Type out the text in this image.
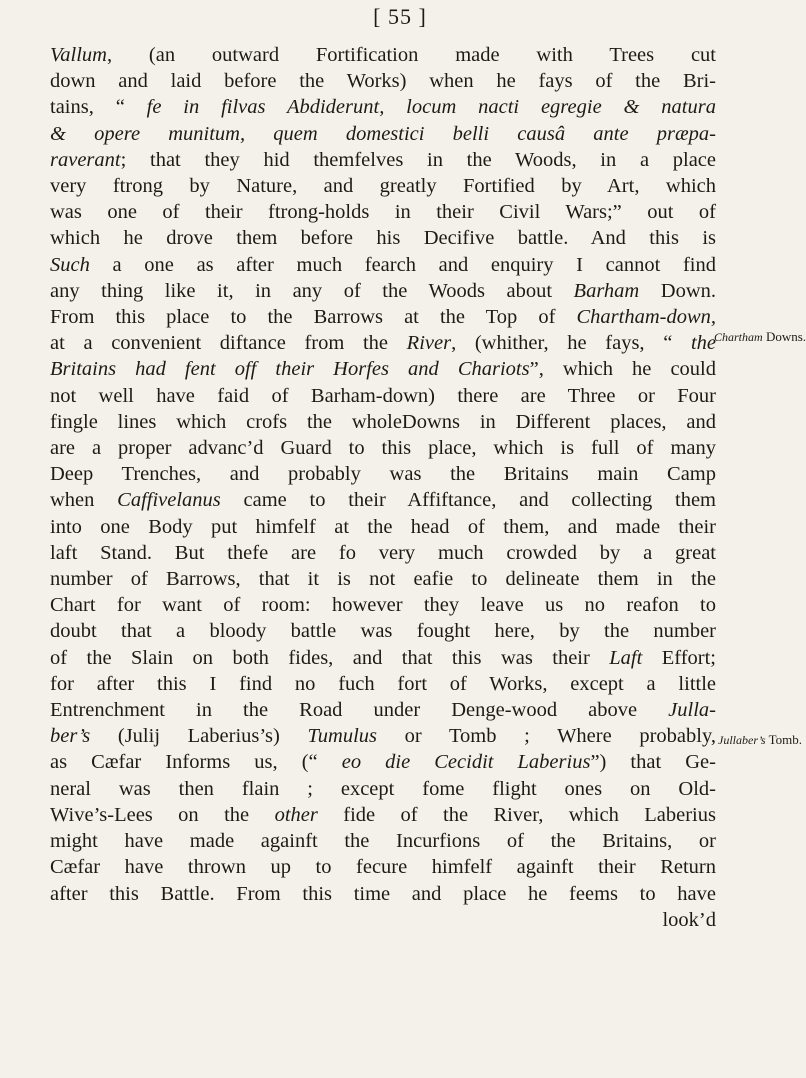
[ 55 ]
Vallum, (an outward Fortification made with Trees cut
down and laid before the Works) when he fays of the Bri-
tains, “ fe in filvas Abdiderunt, locum nacti egregie & natura
& opere munitum, quem domestici belli causâ ante præpa-
raverant; that they hid themfelves in the Woods, in a place
very ftrong by Nature, and greatly Fortified by Art, which
was one of their ftrong-holds in their Civil Wars;” out of
which he drove them before his Decifive battle. And this is
Such a one as after much fearch and enquiry I cannot find
any thing like it, in any of the Woods about Barham Down.
From this place to the Barrows at the Top of Chartham-down,
at a convenient diftance from the River, (whither, he fays, “ the
Britains had fent off their Horfes and Chariots”, which he could
not well have faid of Barham-down) there are Three or Four
fingle lines which crofs the wholeDowns in Different places, and
are a proper advanc’d Guard to this place, which is full of many
Deep Trenches, and probably was the Britains main Camp
when Caffivelanus came to their Affiftance, and collecting them
into one Body put himfelf at the head of them, and made their
laft Stand. But thefe are fo very much crowded by a great
number of Barrows, that it is not eafie to delineate them in the
Chart for want of room: however they leave us no reafon to
doubt that a bloody battle was fought here, by the number
of the Slain on both fides, and that this was their Laft Effort;
for after this I find no fuch fort of Works, except a little
Entrenchment in the Road under Denge-wood above Julla-
ber’s (Julij Laberius’s) Tumulus or Tomb ; Where probably,
as Cæfar Informs us, (“ eo die Cecidit Laberius”) that Ge-
neral was then flain ; except fome flight ones on Old-
Wive’s-Lees on the other fide of the River, which Laberius
might have made againft the Incurfions of the Britains, or
Cæfar have thrown up to fecure himfelf againft their Return
after this Battle. From this time and place he feems to have
look’d
Chartham Downs.
Jullaber’s Tomb.
